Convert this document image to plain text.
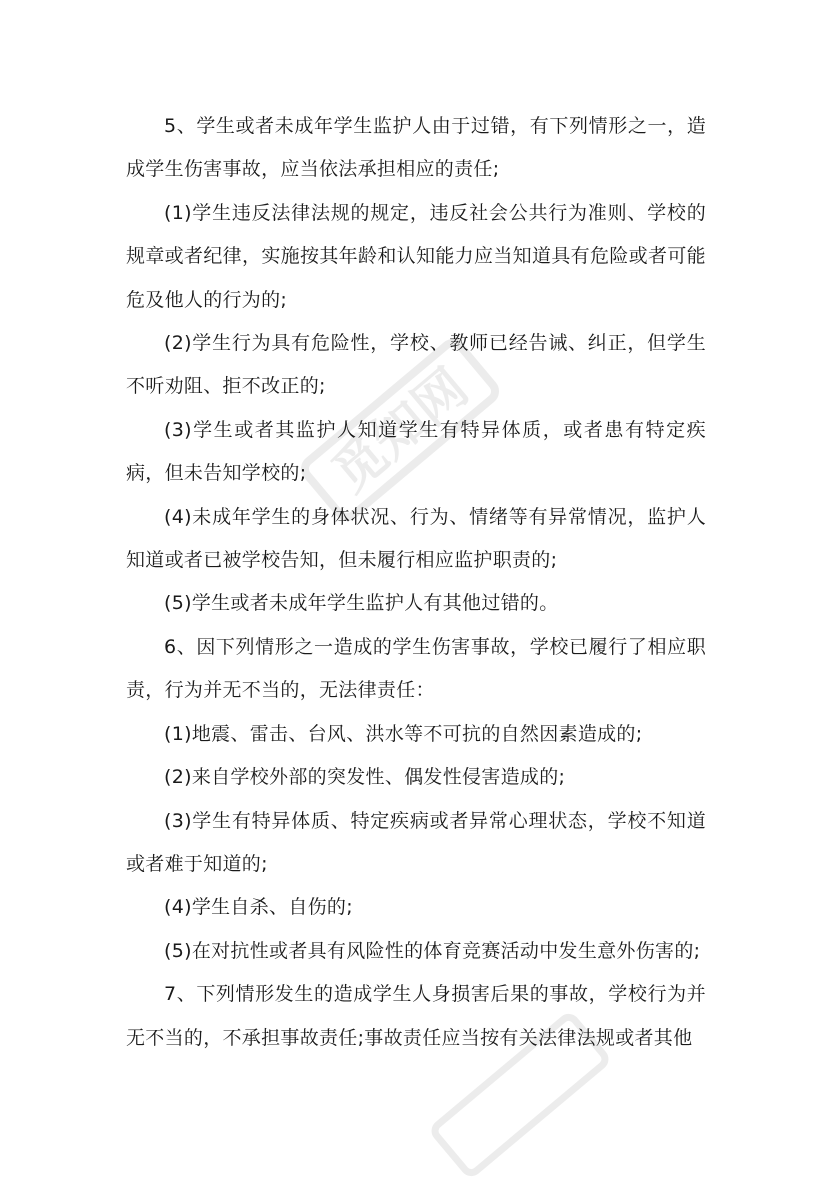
觅知网

5、学生或者未成年学生监护人由于过错，有下列情形之一，造成学生伤害事故，应当依法承担相应的责任;

(1)学生违反法律法规的规定，违反社会公共行为准则、学校的规章或者纪律，实施按其年龄和认知能力应当知道具有危险或者可能危及他人的行为的;

(2)学生行为具有危险性，学校、教师已经告诫、纠正，但学生不听劝阻、拒不改正的;

(3)学生或者其监护人知道学生有特异体质，或者患有特定疾病，但未告知学校的;

(4)未成年学生的身体状况、行为、情绪等有异常情况，监护人知道或者已被学校告知，但未履行相应监护职责的;

(5)学生或者未成年学生监护人有其他过错的。

6、因下列情形之一造成的学生伤害事故，学校已履行了相应职责，行为并无不当的，无法律责任：

(1)地震、雷击、台风、洪水等不可抗的自然因素造成的;

(2)来自学校外部的突发性、偶发性侵害造成的;

(3)学生有特异体质、特定疾病或者异常心理状态，学校不知道或者难于知道的;

(4)学生自杀、自伤的;

(5)在对抗性或者具有风险性的体育竞赛活动中发生意外伤害的;

7、下列情形发生的造成学生人身损害后果的事故，学校行为并无不当的，不承担事故责任;事故责任应当按有关法律法规或者其他
